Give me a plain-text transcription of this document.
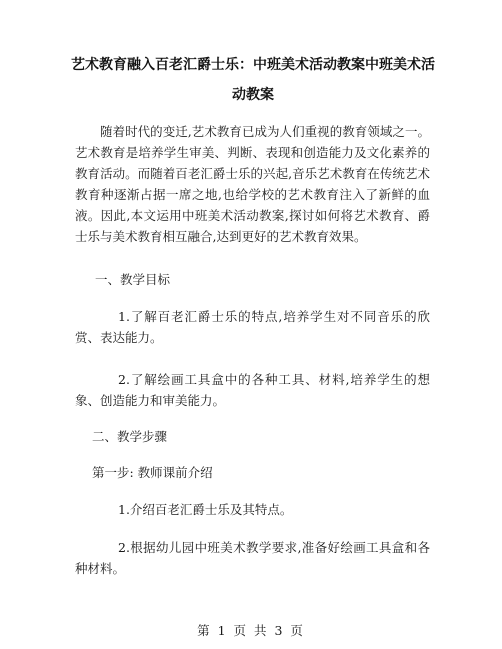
艺术教育融入百老汇爵士乐：中班美术活动教案中班美术活动教案
随着时代的变迁,艺术教育已成为人们重视的教育领域之一。艺术教育是培养学生审美、判断、表现和创造能力及文化素养的教育活动。而随着百老汇爵士乐的兴起,音乐艺术教育在传统艺术教育种逐渐占据一席之地,也给学校的艺术教育注入了新鲜的血液。因此,本文运用中班美术活动教案,探讨如何将艺术教育、爵士乐与美术教育相互融合,达到更好的艺术教育效果。
一、教学目标
1.了解百老汇爵士乐的特点,培养学生对不同音乐的欣赏、表达能力。
2.了解绘画工具盒中的各种工具、材料,培养学生的想象、创造能力和审美能力。
二、教学步骤
第一步: 教师课前介绍
1.介绍百老汇爵士乐及其特点。
2.根据幼儿园中班美术教学要求,准备好绘画工具盒和各种材料。
第 1 页 共 3 页
